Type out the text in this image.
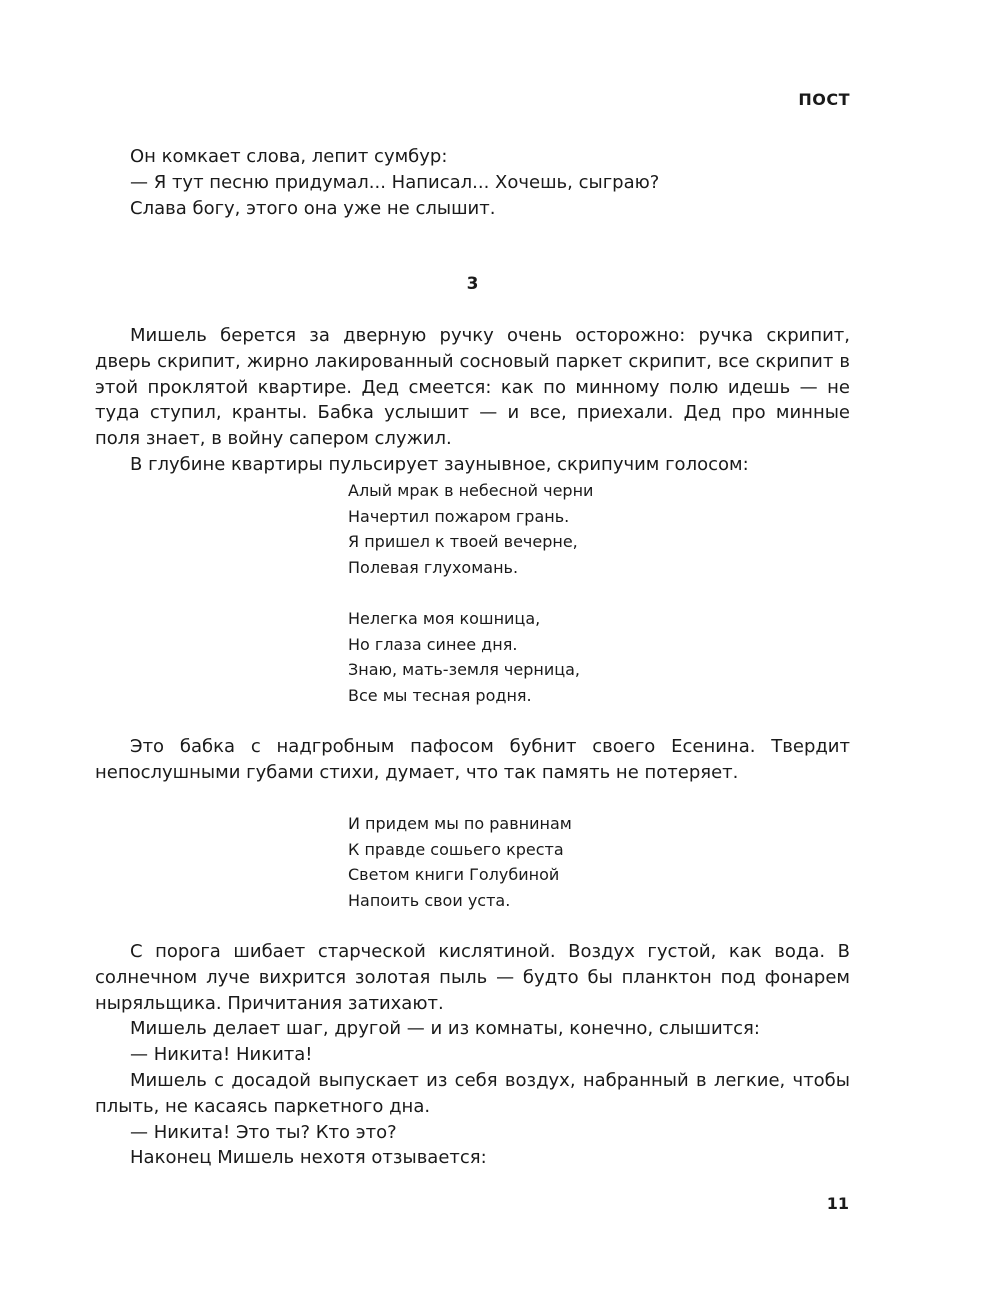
ПОСТ

Он комкает слова, лепит сумбур:

— Я тут песню придумал... Написал... Хочешь, сыграю?

Слава богу, этого она уже не слышит.

3

Мишель берется за дверную ручку очень осторожно: ручка скрипит, дверь скрипит, жирно лакированный сосновый паркет скрипит, все скрипит в этой проклятой квартире. Дед смеется: как по минному полю идешь — не туда ступил, кранты. Бабка услышит — и все, приехали. Дед про минные поля знает, в войну сапером служил.

В глубине квартиры пульсирует заунывное, скрипучим голосом:

Алый мрак в небесной черни
Начертил пожаром грань.
Я пришел к твоей вечерне,
Полевая глухомань.
Нелегка моя кошница,
Но глаза синее дня.
Знаю, мать-земля черница,
Все мы тесная родня.

Это бабка с надгробным пафосом бубнит своего Есенина. Твердит непослушными губами стихи, думает, что так память не потеряет.

И придем мы по равнинам
К правде сошьего креста
Светом книги Голубиной
Напоить свои уста.

С порога шибает старческой кислятиной. Воздух густой, как вода. В солнечном луче вихрится золотая пыль — будто бы планктон под фонарем ныряльщика. Причитания затихают.

Мишель делает шаг, другой — и из комнаты, конечно, слышится:

— Никита! Никита!

Мишель с досадой выпускает из себя воздух, набранный в легкие, чтобы плыть, не касаясь паркетного дна.

— Никита! Это ты? Кто это?

Наконец Мишель нехотя отзывается:

11
